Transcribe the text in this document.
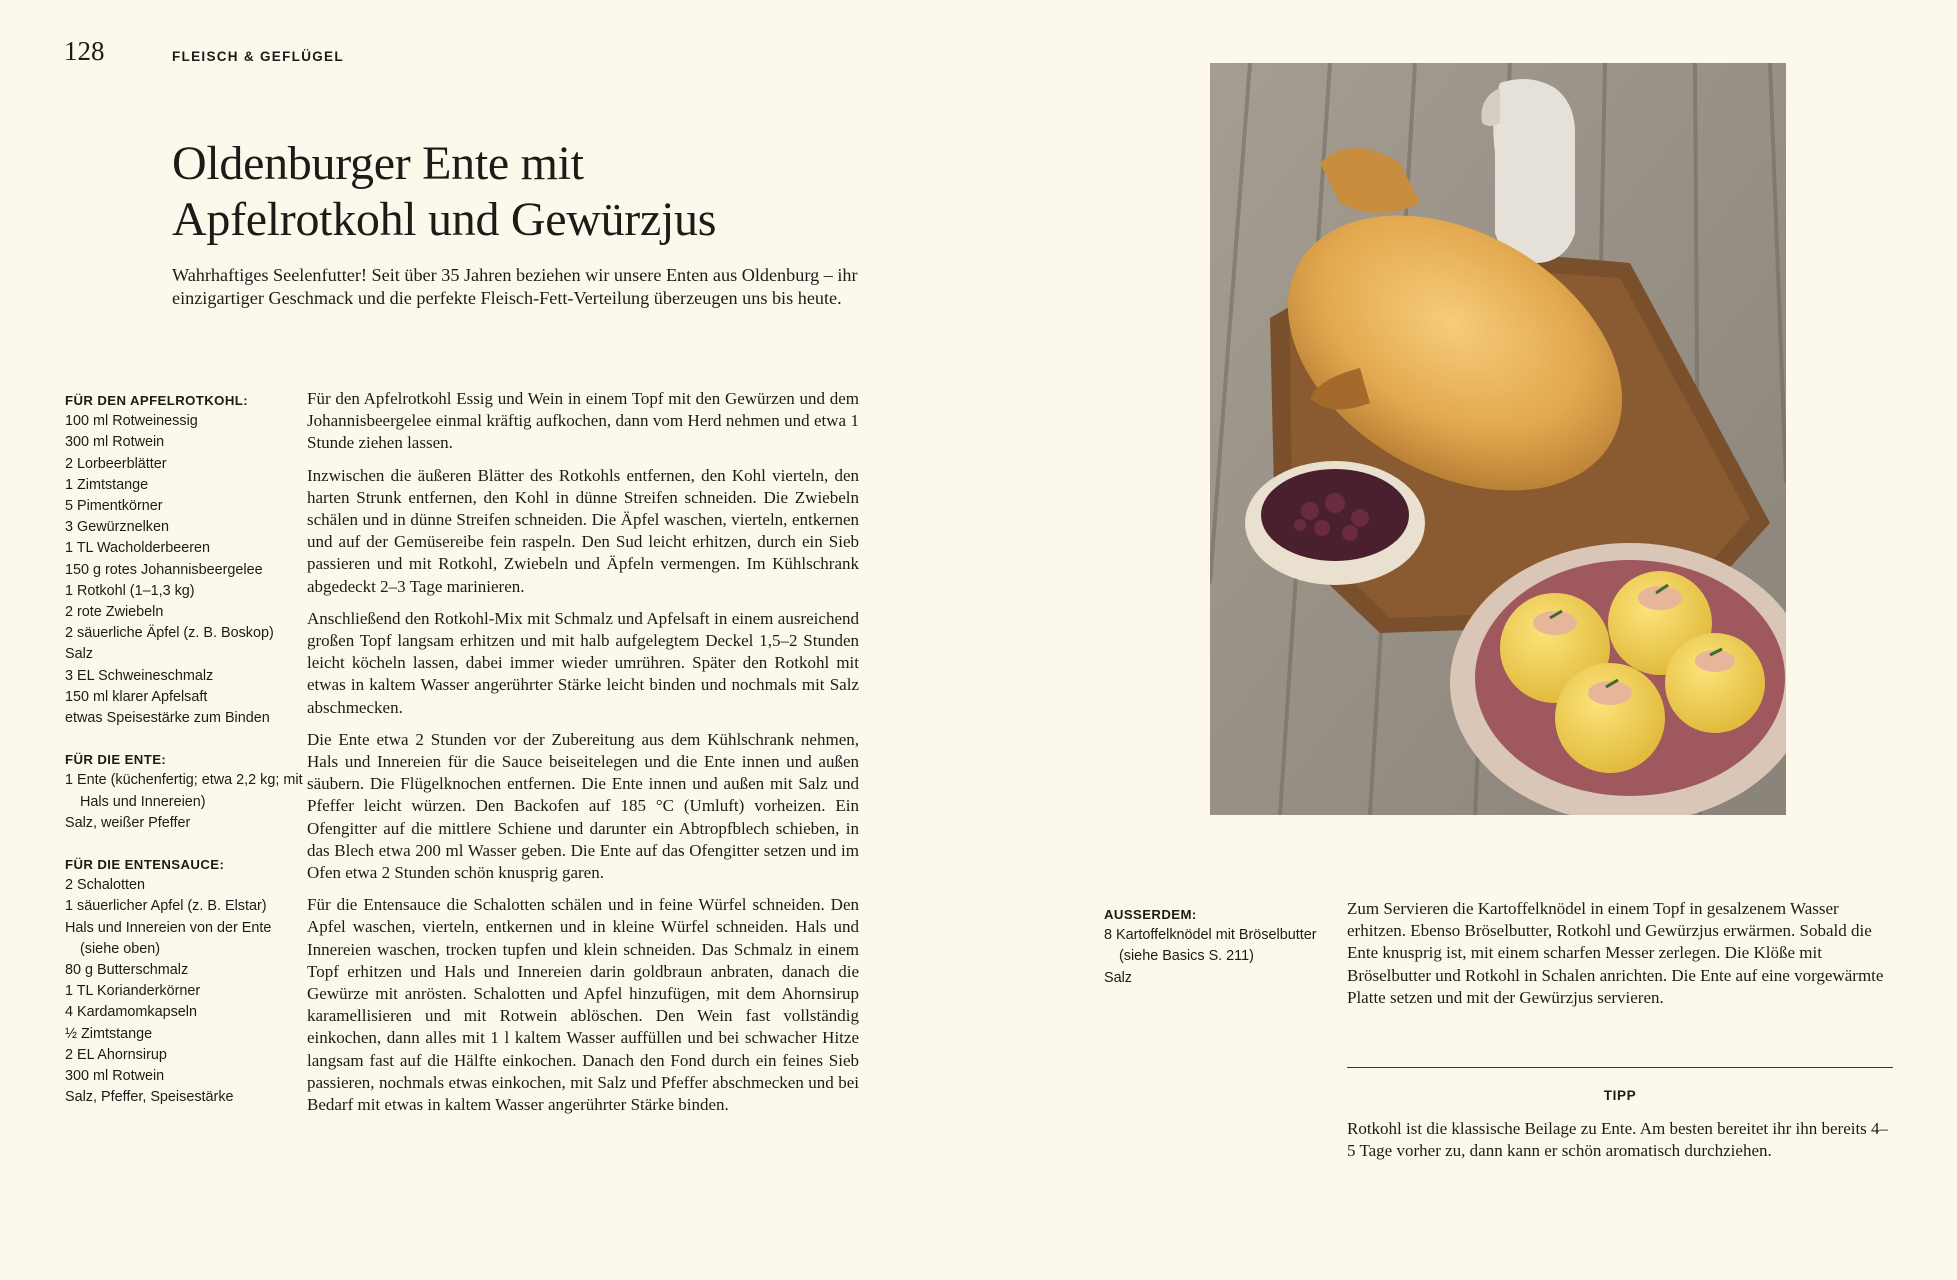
128	FLEISCH & GEFLÜGEL
Oldenburger Ente mit
Apfelrotkohl und Gewürzjus

Wahrhaftiges Seelenfutter! Seit über 35 Jahren beziehen wir unsere Enten aus Oldenburg – ihr einzigartiger Geschmack und die perfekte Fleisch-Fett-Verteilung überzeugen uns bis heute.

FÜR DEN APFELROTKOHL:
100 ml Rotweinessig
300 ml Rotwein
2 Lorbeerblätter
1 Zimtstange
5 Pimentkörner
3 Gewürznelken
1 TL Wacholderbeeren
150 g rotes Johannisbeergelee
1 Rotkohl (1–1,3 kg)
2 rote Zwiebeln
2 säuerliche Äpfel (z. B. Boskop)
Salz
3 EL Schweineschmalz
150 ml klarer Apfelsaft
etwas Speisestärke zum Binden
FÜR DIE ENTE:
1 Ente (küchenfertig; etwa 2,2 kg; mit Hals und Innereien)
Salz, weißer Pfeffer
FÜR DIE ENTENSAUCE:
2 Schalotten
1 säuerlicher Apfel (z. B. Elstar)
Hals und Innereien von der Ente (siehe oben)
80 g Butterschmalz
1 TL Korianderkörner
4 Kardamomkapseln
½ Zimtstange
2 EL Ahornsirup
300 ml Rotwein
Salz, Pfeffer, Speisestärke

Für den Apfelrotkohl Essig und Wein in einem Topf mit den Gewürzen und dem Johannisbeergelee einmal kräftig aufkochen, dann vom Herd nehmen und etwa 1 Stunde ziehen lassen.

Inzwischen die äußeren Blätter des Rotkohls entfernen, den Kohl vierteln, den harten Strunk entfernen, den Kohl in dünne Streifen schneiden. Die Zwiebeln schälen und in dünne Streifen schneiden. Die Äpfel waschen, vierteln, entkernen und auf der Gemüsereibe fein raspeln. Den Sud leicht erhitzen, durch ein Sieb passieren und mit Rotkohl, Zwiebeln und Äpfeln vermengen. Im Kühlschrank abgedeckt 2–3 Tage marinieren.

Anschließend den Rotkohl-Mix mit Schmalz und Apfelsaft in einem ausreichend großen Topf langsam erhitzen und mit halb aufgelegtem Deckel 1,5–2 Stunden leicht köcheln lassen, dabei immer wieder umrühren. Später den Rotkohl mit etwas in kaltem Wasser angerührter Stärke leicht binden und nochmals mit Salz abschmecken.

Die Ente etwa 2 Stunden vor der Zubereitung aus dem Kühlschrank nehmen, Hals und Innereien für die Sauce beiseitelegen und die Ente innen und außen säubern. Die Flügelknochen entfernen. Die Ente innen und außen mit Salz und Pfeffer leicht würzen. Den Backofen auf 185 °C (Umluft) vorheizen. Ein Ofengitter auf die mittlere Schiene und darunter ein Abtropfblech schieben, in das Blech etwa 200 ml Wasser geben. Die Ente auf das Ofengitter setzen und im Ofen etwa 2 Stunden schön knusprig garen.

Für die Entensauce die Schalotten schälen und in feine Würfel schneiden. Den Apfel waschen, vierteln, entkernen und in kleine Würfel schneiden. Hals und Innereien waschen, trocken tupfen und klein schneiden. Das Schmalz in einem Topf erhitzen und Hals und Innereien darin goldbraun anbraten, danach die Gewürze mit anrösten. Schalotten und Apfel hinzufügen, mit dem Ahornsirup karamellisieren und mit Rotwein ablöschen. Den Wein fast vollständig einkochen, dann alles mit 1 l kaltem Wasser auffüllen und bei schwacher Hitze langsam fast auf die Hälfte einkochen. Danach den Fond durch ein feines Sieb passieren, nochmals etwas einkochen, mit Salz und Pfeffer abschmecken und bei Bedarf mit etwas in kaltem Wasser angerührter Stärke binden.

AUSSERDEM:
8 Kartoffelknödel mit Bröselbutter (siehe Basics S. 211)
Salz

Zum Servieren die Kartoffelknödel in einem Topf in gesalzenem Wasser erhitzen. Ebenso Bröselbutter, Rotkohl und Gewürzjus erwärmen. Sobald die Ente knusprig ist, mit einem scharfen Messer zerlegen. Die Klöße mit Bröselbutter und Rotkohl in Schalen anrichten. Die Ente auf eine vorgewärmte Platte setzen und mit der Gewürzjus servieren.

TIPP

Rotkohl ist die klassische Beilage zu Ente. Am besten bereitet ihr ihn bereits 4–5 Tage vorher zu, dann kann er schön aromatisch durchziehen.
